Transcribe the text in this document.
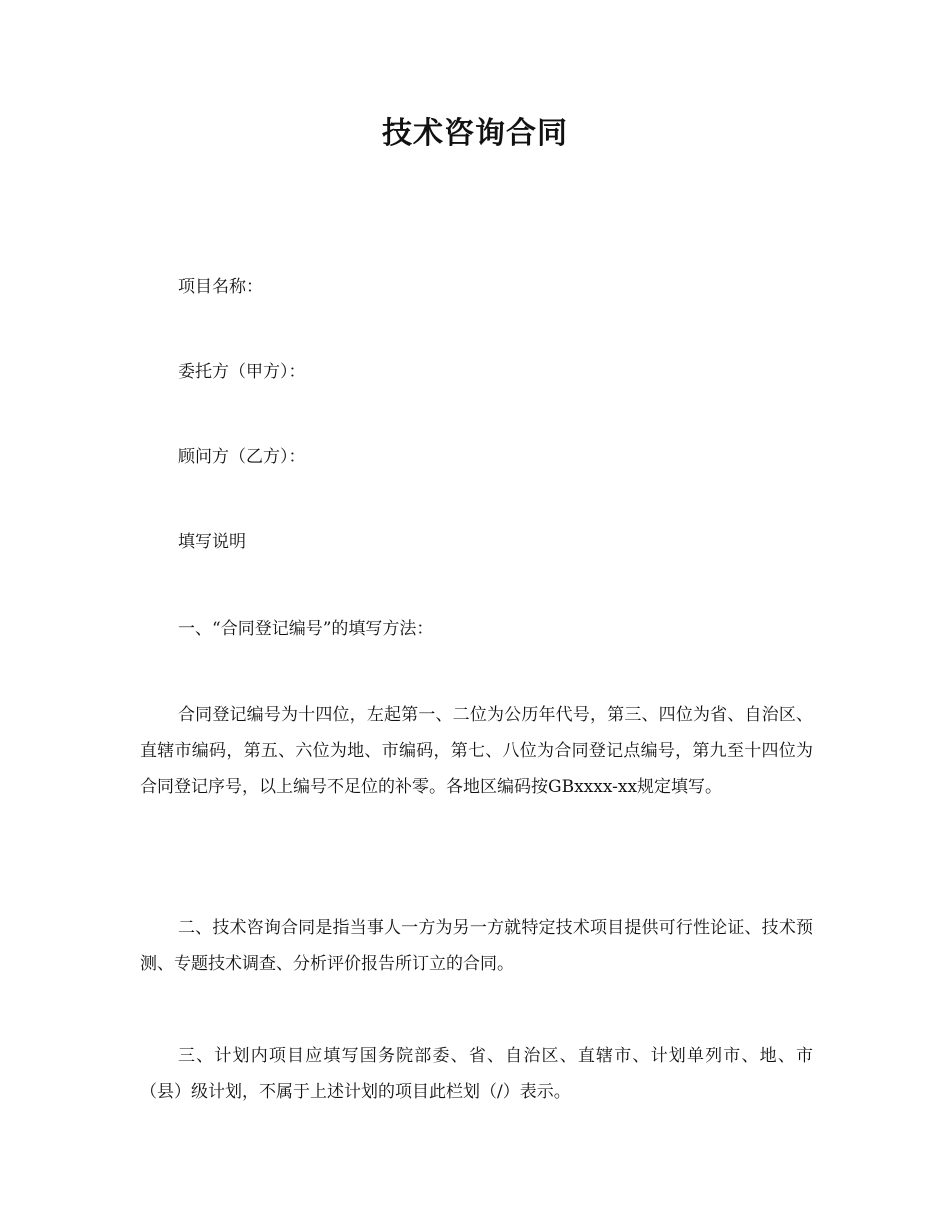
技术咨询合同

项目名称：

委托方（甲方）：

顾问方（乙方）：

填写说明

一、“合同登记编号”的填写方法：

合同登记编号为十四位，左起第一、二位为公历年代号，第三、四位为省、自治区、直辖市编码，第五、六位为地、市编码，第七、八位为合同登记点编号，第九至十四位为合同登记序号，以上编号不足位的补零。各地区编码按GBxxxx-xx规定填写。

二、技术咨询合同是指当事人一方为另一方就特定技术项目提供可行性论证、技术预测、专题技术调查、分析评价报告所订立的合同。

三、计划内项目应填写国务院部委、省、自治区、直辖市、计划单列市、地、市（县）级计划，不属于上述计划的项目此栏划（/）表示。
